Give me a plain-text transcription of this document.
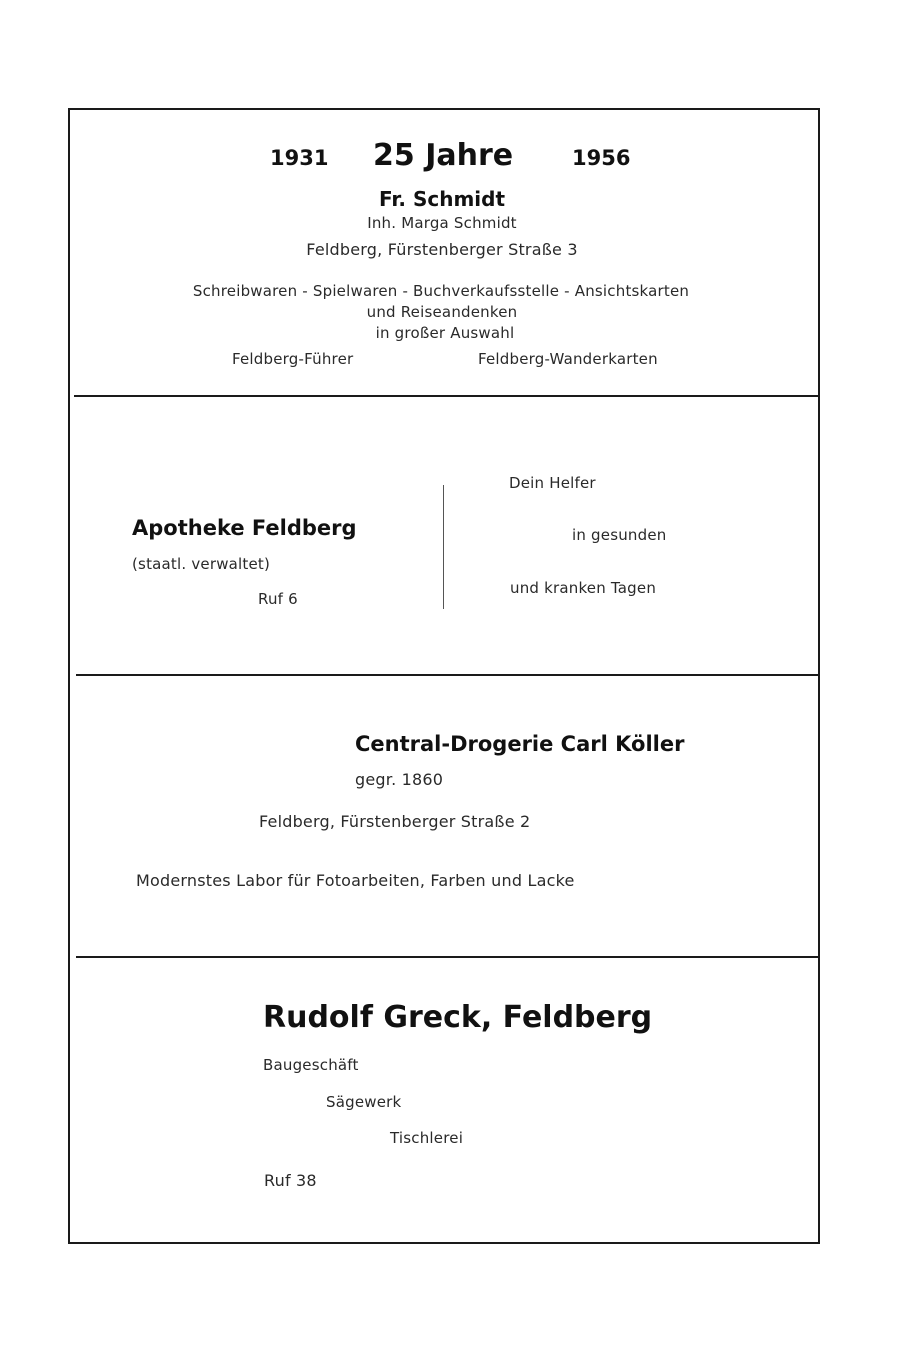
1931 25 Jahre	1956
Fr. Schmidt
Inh. Marga Schmidt
Feldberg, Fürstenberger Straße 3
Schreibwaren - Spielwaren - Buchverkaufsstelle - Ansichtskarten
und Reiseandenken
in großer Auswahl
Feldberg-Führer	Feldberg-Wanderkarten
Apotheke Feldberg
(staatl. verwaltet)
Ruf 6
Dein Helfer
in gesunden
und kranken Tagen
Central-Drogerie Carl Köller
gegr. 1860
Feldberg, Fürstenberger Straße 2
Modernstes Labor für Fotoarbeiten, Farben und Lacke
Rudolf Greck, Feldberg
Baugeschäft
Sägewerk
Tischlerei
Ruf 38
